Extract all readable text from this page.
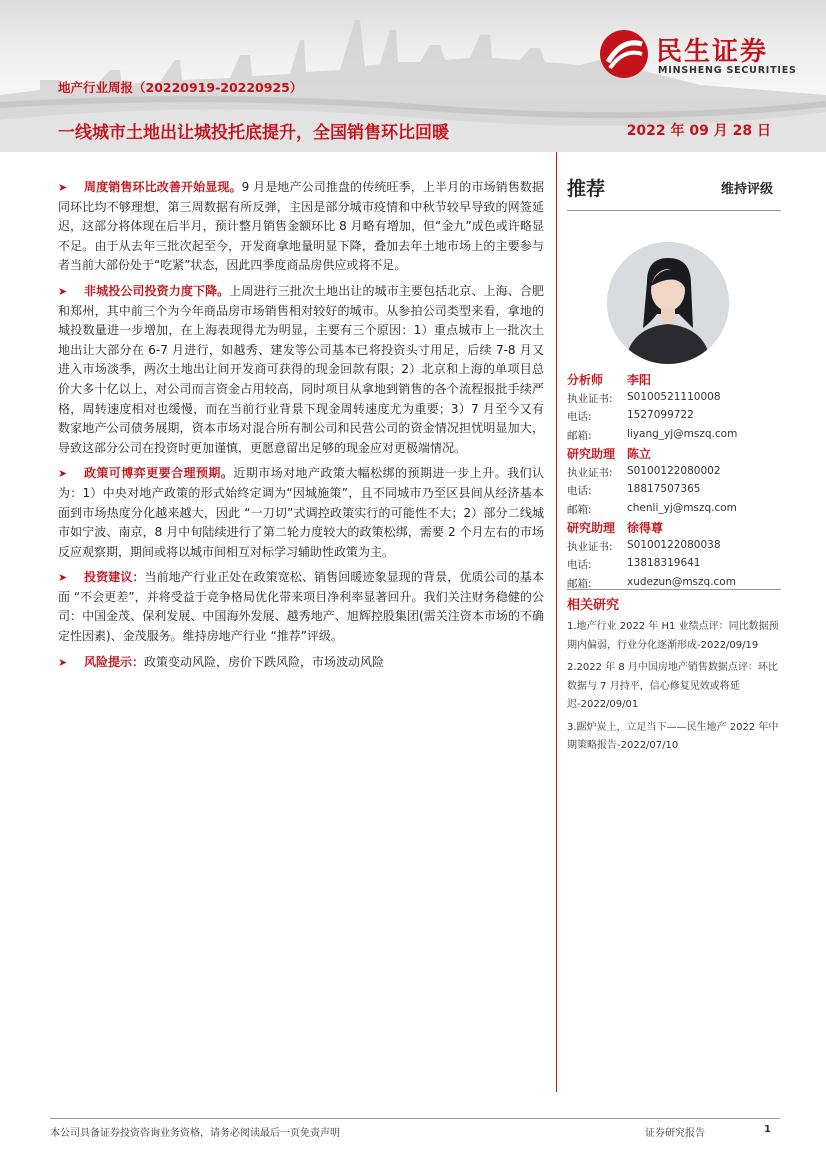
民生证券
MINSHENG SECURITIES
地产行业周报（20220919-20220925）
一线城市土地出让城投托底提升，全国销售环比回暖	2022 年 09 月 28 日
➤ 周度销售环比改善开始显现。9 月是地产公司推盘的传统旺季，上半月的市场销售数据同环比均不够理想，第三周数据有所反弹，主因是部分城市疫情和中秋节较早导致的网签延迟，这部分将体现在后半月，预计整月销售金额环比 8 月略有增加，但“金九”成色或许略显不足。由于从去年三批次起至今，开发商拿地量明显下降，叠加去年土地市场上的主要参与者当前大部份处于“吃紧”状态，因此四季度商品房供应或将不足。
➤ 非城投公司投资力度下降。上周进行三批次土地出让的城市主要包括北京、上海、合肥和郑州，其中前三个为今年商品房市场销售相对较好的城市。从参拍公司类型来看，拿地的城投数量进一步增加，在上海表现得尤为明显，主要有三个原因：1）重点城市上一批次土地出让大部分在 6-7 月进行，如越秀、建发等公司基本已将投资头寸用足，后续 7-8 月又进入市场淡季，两次土地出让间开发商可获得的现金回款有限；2）北京和上海的单项目总价大多十亿以上，对公司而言资金占用较高，同时项目从拿地到销售的各个流程报批手续严格，周转速度相对也缓慢，而在当前行业背景下现金周转速度尤为重要；3）7 月至今又有数家地产公司债务展期，资本市场对混合所有制公司和民营公司的资金情况担忧明显加大，导致这部分公司在投资时更加谨慎，更愿意留出足够的现金应对更极端情况。
➤ 政策可博弈更要合理预期。近期市场对地产政策大幅松绑的预期进一步上升。我们认为：1）中央对地产政策的形式始终定调为“因城施策”，且不同城市乃至区县间从经济基本面到市场热度分化越来越大，因此 “一刀切”式调控政策实行的可能性不大；2）部分二线城市如宁波、南京，8 月中旬陆续进行了第二轮力度较大的政策松绑，需要 2 个月左右的市场反应观察期，期间或将以城市间相互对标学习辅助性政策为主。
➤ 投资建议：当前地产行业正处在政策宽松、销售回暖迹象显现的背景，优质公司的基本面 “不会更差”，并将受益于竞争格局优化带来项目净利率显著回升。我们关注财务稳健的公司：中国金茂、保利发展、中国海外发展、越秀地产、旭辉控股集团(需关注资本市场的不确定性因素)、金茂服务。维持房地产行业 “推荐”评级。
➤ 风险提示：政策变动风险，房价下跌风险，市场波动风险
推荐	维持评级
分析师 李阳
执业证书: S0100521110008
电话:	1527099722
邮箱:	liyang_yj@mszq.com
研究助理 陈立
执业证书: S0100122080002
电话:	18817507365
邮箱:	chenli_yj@mszq.com
研究助理 徐得尊
执业证书: S0100122080038
电话:	13818319641
邮箱:	xudezun@mszq.com
相关研究
1.地产行业 2022 年 H1 业绩点评：同比数据预期内偏弱，行业分化逐渐形成-2022/09/19
2.2022 年 8 月中国房地产销售数据点评：环比数据与 7 月持平，信心修复见效或将延迟-2022/09/01
3.踞炉炭上，立足当下——民生地产 2022 年中期策略报告-2022/07/10
本公司具备证券投资咨询业务资格，请务必阅读最后一页免责声明	证券研究报告	1
